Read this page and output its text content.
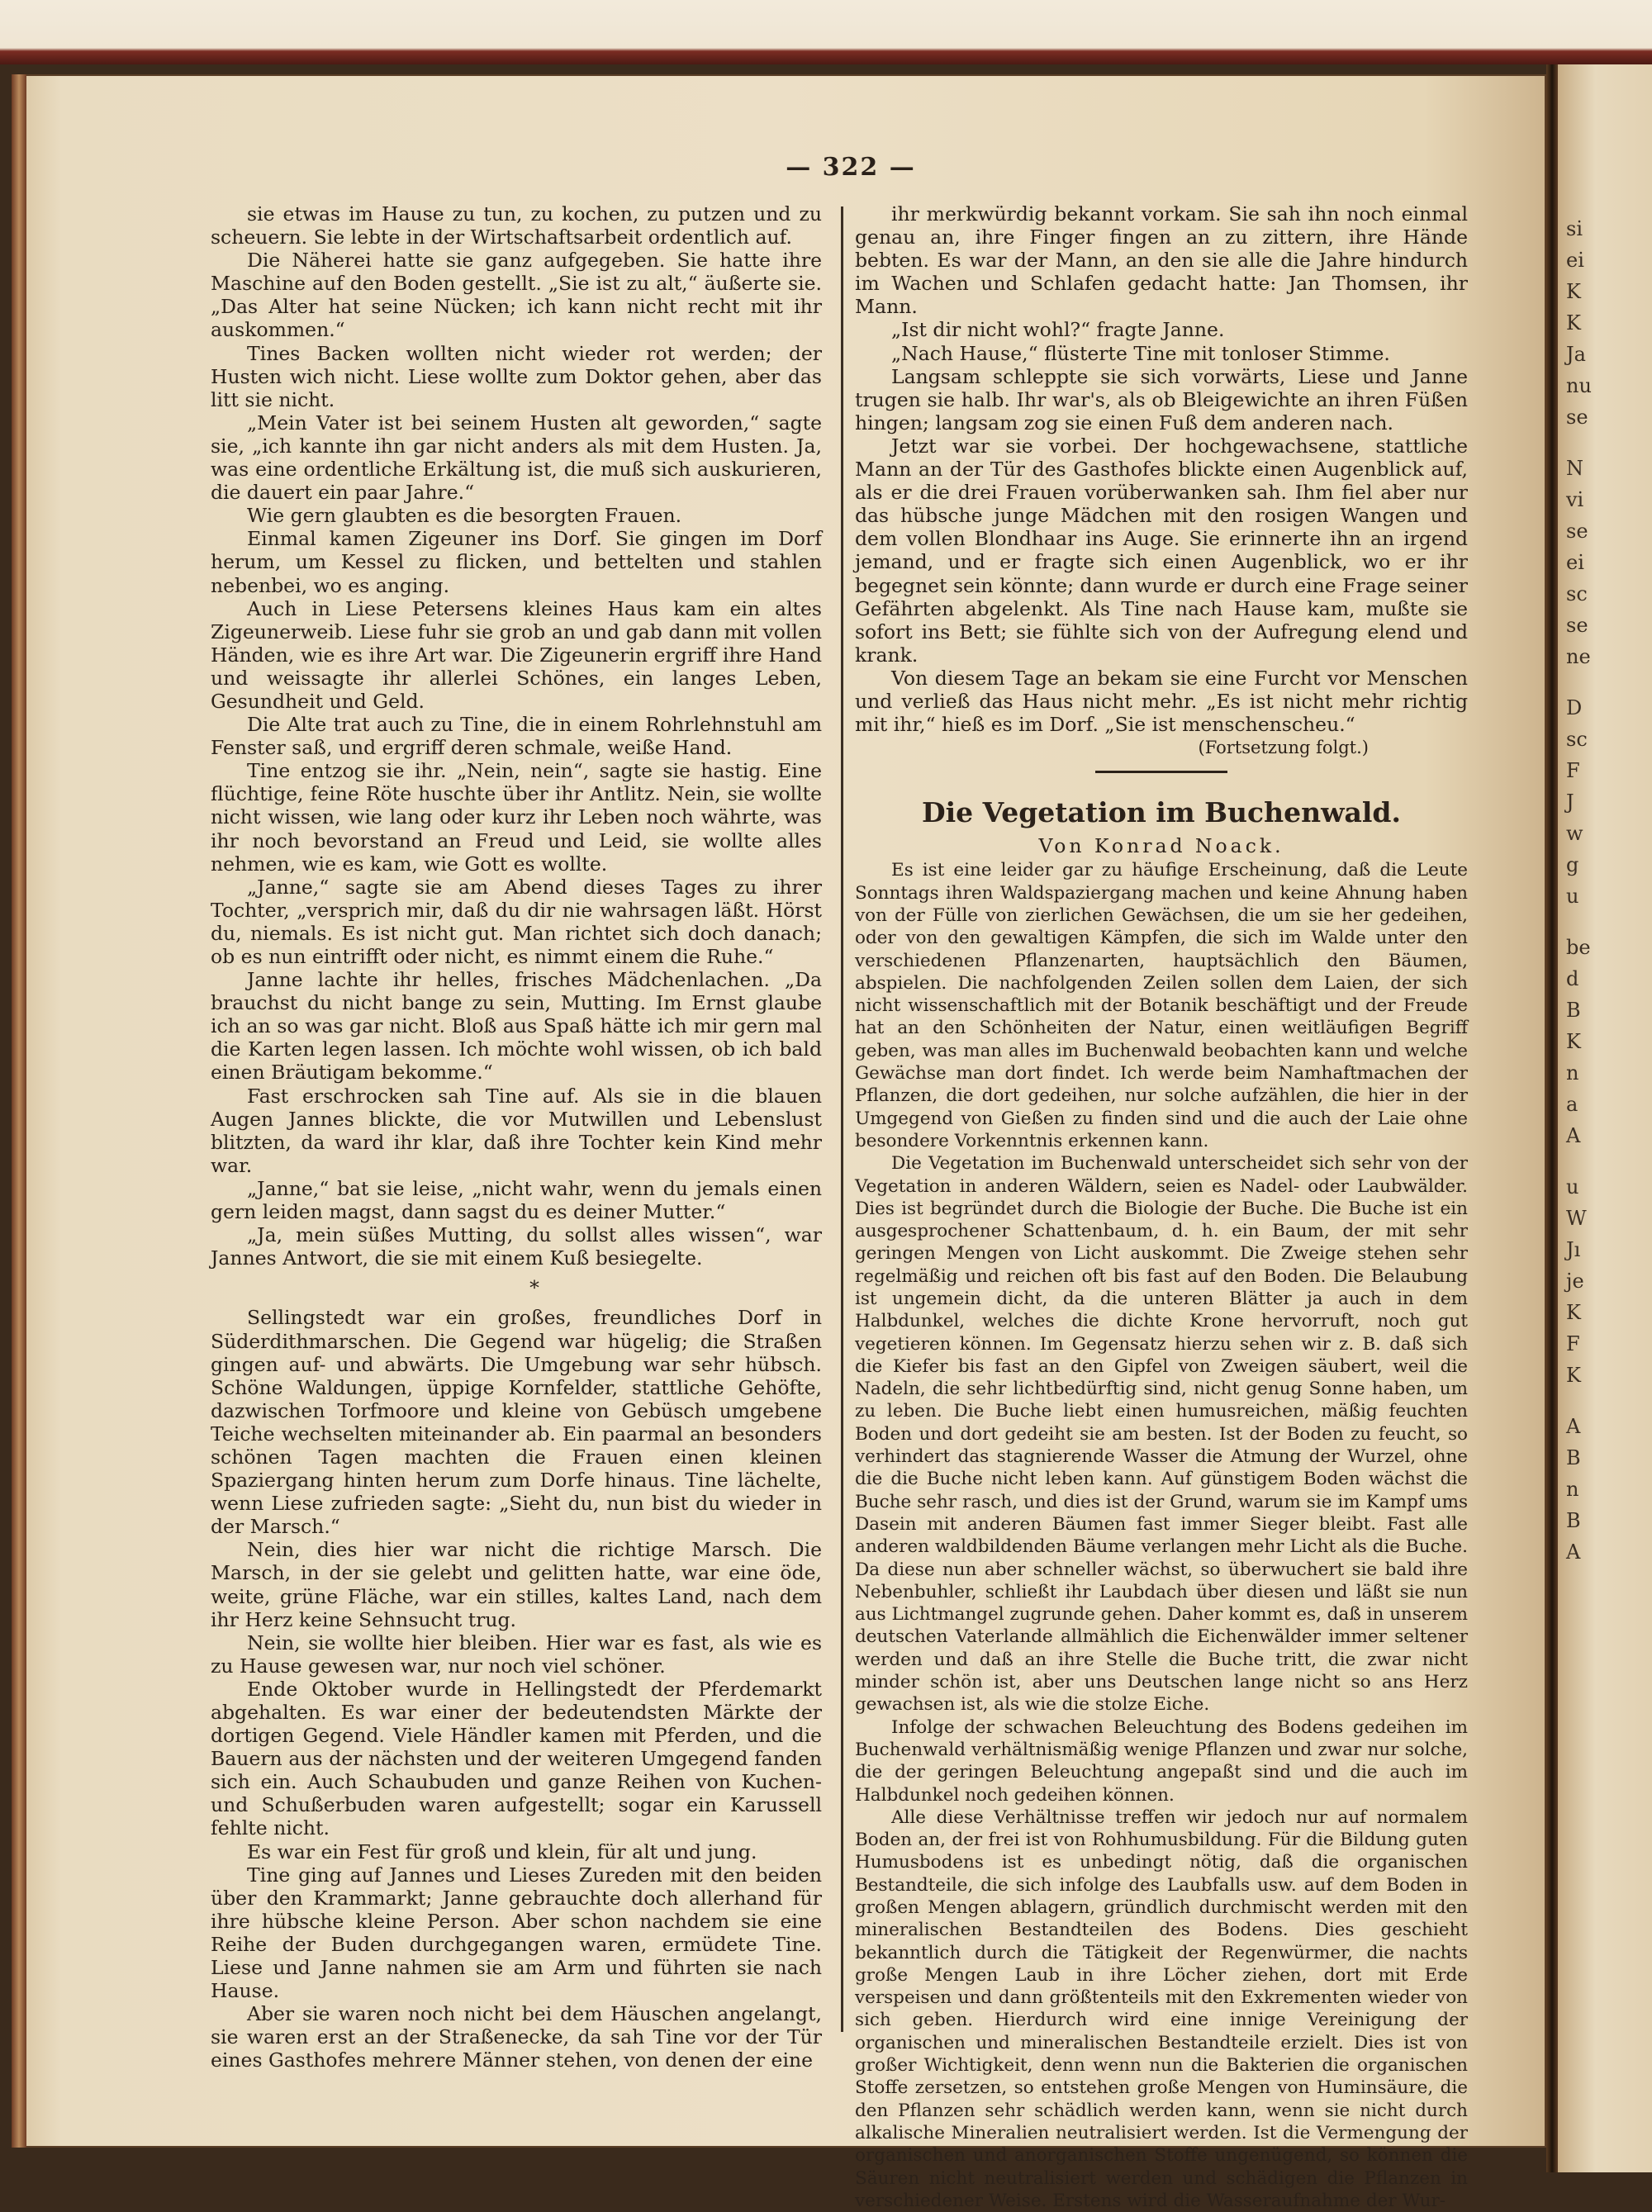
si
ei
K
K
Ja
nu
se
N
vi
se
ei
sc
se
ne
D
sc
F
J
w
g
u
be
d
B
K
n
a
A
u
W
Jı
je
K
F
K
A
B
n
B
A
— 322 —

sie etwas im Hause zu tun, zu kochen, zu putzen und zu scheuern. Sie lebte in der Wirtschaftsarbeit ordentlich auf.

Die Näherei hatte sie ganz aufgegeben. Sie hatte ihre Maschine auf den Boden gestellt. „Sie ist zu alt,“ äußerte sie. „Das Alter hat seine Nücken; ich kann nicht recht mit ihr auskommen.“

Tines Backen wollten nicht wieder rot werden; der Husten wich nicht. Liese wollte zum Doktor gehen, aber das litt sie nicht.

„Mein Vater ist bei seinem Husten alt geworden,“ sagte sie, „ich kannte ihn gar nicht anders als mit dem Husten. Ja, was eine ordentliche Erkältung ist, die muß sich auskurieren, die dauert ein paar Jahre.“

Wie gern glaubten es die besorgten Frauen.

Einmal kamen Zigeuner ins Dorf. Sie gingen im Dorf herum, um Kessel zu flicken, und bettelten und stahlen nebenbei, wo es anging.

Auch in Liese Petersens kleines Haus kam ein altes Zigeunerweib. Liese fuhr sie grob an und gab dann mit vollen Händen, wie es ihre Art war. Die Zigeunerin ergriff ihre Hand und weissagte ihr allerlei Schönes, ein langes Leben, Gesundheit und Geld.

Die Alte trat auch zu Tine, die in einem Rohrlehnstuhl am Fenster saß, und ergriff deren schmale, weiße Hand.

Tine entzog sie ihr. „Nein, nein“, sagte sie hastig. Eine flüchtige, feine Röte huschte über ihr Antlitz. Nein, sie wollte nicht wissen, wie lang oder kurz ihr Leben noch währte, was ihr noch bevorstand an Freud und Leid, sie wollte alles nehmen, wie es kam, wie Gott es wollte.

„Janne,“ sagte sie am Abend dieses Tages zu ihrer Tochter, „versprich mir, daß du dir nie wahrsagen läßt. Hörst du, niemals. Es ist nicht gut. Man richtet sich doch danach; ob es nun eintrifft oder nicht, es nimmt einem die Ruhe.“

Janne lachte ihr helles, frisches Mädchenlachen. „Da brauchst du nicht bange zu sein, Mutting. Im Ernst glaube ich an so was gar nicht. Bloß aus Spaß hätte ich mir gern mal die Karten legen lassen. Ich möchte wohl wissen, ob ich bald einen Bräutigam bekomme.“

Fast erschrocken sah Tine auf. Als sie in die blauen Augen Jannes blickte, die vor Mutwillen und Lebenslust blitzten, da ward ihr klar, daß ihre Tochter kein Kind mehr war.

„Janne,“ bat sie leise, „nicht wahr, wenn du jemals einen gern leiden magst, dann sagst du es deiner Mutter.“

„Ja, mein süßes Mutting, du sollst alles wissen“, war Jannes Antwort, die sie mit einem Kuß besiegelte.

*

Sellingstedt war ein großes, freundliches Dorf in Süderdithmarschen. Die Gegend war hügelig; die Straßen gingen auf- und abwärts. Die Umgebung war sehr hübsch. Schöne Waldungen, üppige Kornfelder, stattliche Gehöfte, dazwischen Torfmoore und kleine von Gebüsch umgebene Teiche wechselten miteinander ab. Ein paarmal an besonders schönen Tagen machten die Frauen einen kleinen Spaziergang hinten herum zum Dorfe hinaus. Tine lächelte, wenn Liese zufrieden sagte: „Sieht du, nun bist du wieder in der Marsch.“

Nein, dies hier war nicht die richtige Marsch. Die Marsch, in der sie gelebt und gelitten hatte, war eine öde, weite, grüne Fläche, war ein stilles, kaltes Land, nach dem ihr Herz keine Sehnsucht trug.

Nein, sie wollte hier bleiben. Hier war es fast, als wie es zu Hause gewesen war, nur noch viel schöner.

Ende Oktober wurde in Hellingstedt der Pferdemarkt abgehalten. Es war einer der bedeutendsten Märkte der dortigen Gegend. Viele Händler kamen mit Pferden, und die Bauern aus der nächsten und der weiteren Umgegend fanden sich ein. Auch Schaubuden und ganze Reihen von Kuchen- und Schußerbuden waren aufgestellt; sogar ein Karussell fehlte nicht.

Es war ein Fest für groß und klein, für alt und jung.

Tine ging auf Jannes und Lieses Zureden mit den beiden über den Krammarkt; Janne gebrauchte doch allerhand für ihre hübsche kleine Person. Aber schon nachdem sie eine Reihe der Buden durchgegangen waren, ermüdete Tine. Liese und Janne nahmen sie am Arm und führten sie nach Hause.

Aber sie waren noch nicht bei dem Häuschen angelangt, sie waren erst an der Straßenecke, da sah Tine vor der Tür eines Gasthofes mehrere Männer stehen, von denen der eine

ihr merkwürdig bekannt vorkam. Sie sah ihn noch einmal genau an, ihre Finger fingen an zu zittern, ihre Hände bebten. Es war der Mann, an den sie alle die Jahre hindurch im Wachen und Schlafen gedacht hatte: Jan Thomsen, ihr Mann.

„Ist dir nicht wohl?“ fragte Janne.

„Nach Hause,“ flüsterte Tine mit tonloser Stimme.

Langsam schleppte sie sich vorwärts, Liese und Janne trugen sie halb. Ihr war's, als ob Bleigewichte an ihren Füßen hingen; langsam zog sie einen Fuß dem anderen nach.

Jetzt war sie vorbei. Der hochgewachsene, stattliche Mann an der Tür des Gasthofes blickte einen Augenblick auf, als er die drei Frauen vorüberwanken sah. Ihm fiel aber nur das hübsche junge Mädchen mit den rosigen Wangen und dem vollen Blondhaar ins Auge. Sie erinnerte ihn an irgend jemand, und er fragte sich einen Augenblick, wo er ihr begegnet sein könnte; dann wurde er durch eine Frage seiner Gefährten abgelenkt. Als Tine nach Hause kam, mußte sie sofort ins Bett; sie fühlte sich von der Aufregung elend und krank.

Von diesem Tage an bekam sie eine Furcht vor Menschen und verließ das Haus nicht mehr. „Es ist nicht mehr richtig mit ihr,“ hieß es im Dorf. „Sie ist menschenscheu.“

(Fortsetzung folgt.)

Die Vegetation im Buchenwald.

Von Konrad Noack.

Es ist eine leider gar zu häufige Erscheinung, daß die Leute Sonntags ihren Waldspaziergang machen und keine Ahnung haben von der Fülle von zierlichen Gewächsen, die um sie her gedeihen, oder von den gewaltigen Kämpfen, die sich im Walde unter den verschiedenen Pflanzenarten, hauptsächlich den Bäumen, abspielen. Die nachfolgenden Zeilen sollen dem Laien, der sich nicht wissenschaftlich mit der Botanik beschäftigt und der Freude hat an den Schönheiten der Natur, einen weitläufigen Begriff geben, was man alles im Buchenwald beobachten kann und welche Gewächse man dort findet. Ich werde beim Namhaftmachen der Pflanzen, die dort gedeihen, nur solche aufzählen, die hier in der Umgegend von Gießen zu finden sind und die auch der Laie ohne besondere Vorkenntnis erkennen kann.

Die Vegetation im Buchenwald unterscheidet sich sehr von der Vegetation in anderen Wäldern, seien es Nadel- oder Laubwälder. Dies ist begründet durch die Biologie der Buche. Die Buche ist ein ausgesprochener Schattenbaum, d. h. ein Baum, der mit sehr geringen Mengen von Licht auskommt. Die Zweige stehen sehr regelmäßig und reichen oft bis fast auf den Boden. Die Belaubung ist ungemein dicht, da die unteren Blätter ja auch in dem Halbdunkel, welches die dichte Krone hervorruft, noch gut vegetieren können. Im Gegensatz hierzu sehen wir z. B. daß sich die Kiefer bis fast an den Gipfel von Zweigen säubert, weil die Nadeln, die sehr lichtbedürftig sind, nicht genug Sonne haben, um zu leben. Die Buche liebt einen humusreichen, mäßig feuchten Boden und dort gedeiht sie am besten. Ist der Boden zu feucht, so verhindert das stagnierende Wasser die Atmung der Wurzel, ohne die die Buche nicht leben kann. Auf günstigem Boden wächst die Buche sehr rasch, und dies ist der Grund, warum sie im Kampf ums Dasein mit anderen Bäumen fast immer Sieger bleibt. Fast alle anderen waldbildenden Bäume verlangen mehr Licht als die Buche. Da diese nun aber schneller wächst, so überwuchert sie bald ihre Nebenbuhler, schließt ihr Laubdach über diesen und läßt sie nun aus Lichtmangel zugrunde gehen. Daher kommt es, daß in unserem deutschen Vaterlande allmählich die Eichenwälder immer seltener werden und daß an ihre Stelle die Buche tritt, die zwar nicht minder schön ist, aber uns Deutschen lange nicht so ans Herz gewachsen ist, als wie die stolze Eiche.

Infolge der schwachen Beleuchtung des Bodens gedeihen im Buchenwald verhältnismäßig wenige Pflanzen und zwar nur solche, die der geringen Beleuchtung angepaßt sind und die auch im Halbdunkel noch gedeihen können.

Alle diese Verhältnisse treffen wir jedoch nur auf normalem Boden an, der frei ist von Rohhumusbildung. Für die Bildung guten Humusbodens ist es unbedingt nötig, daß die organischen Bestandteile, die sich infolge des Laubfalls usw. auf dem Boden in großen Mengen ablagern, gründlich durchmischt werden mit den mineralischen Bestandteilen des Bodens. Dies geschieht bekanntlich durch die Tätigkeit der Regenwürmer, die nachts große Mengen Laub in ihre Löcher ziehen, dort mit Erde verspeisen und dann größtenteils mit den Exkrementen wieder von sich geben. Hierdurch wird eine innige Vereinigung der organischen und mineralischen Bestandteile erzielt. Dies ist von großer Wichtigkeit, denn wenn nun die Bakterien die organischen Stoffe zersetzen, so entstehen große Mengen von Huminsäure, die den Pflanzen sehr schädlich werden kann, wenn sie nicht durch alkalische Mineralien neutralisiert werden. Ist die Vermengung der organischen und anorganischen Stoffe ungenügend, so können die Säuren nicht neutralisiert werden und schädigen die Pflanzen in verschiedener Weise. Erstens wird die Wasseraufnahme der Wur-
